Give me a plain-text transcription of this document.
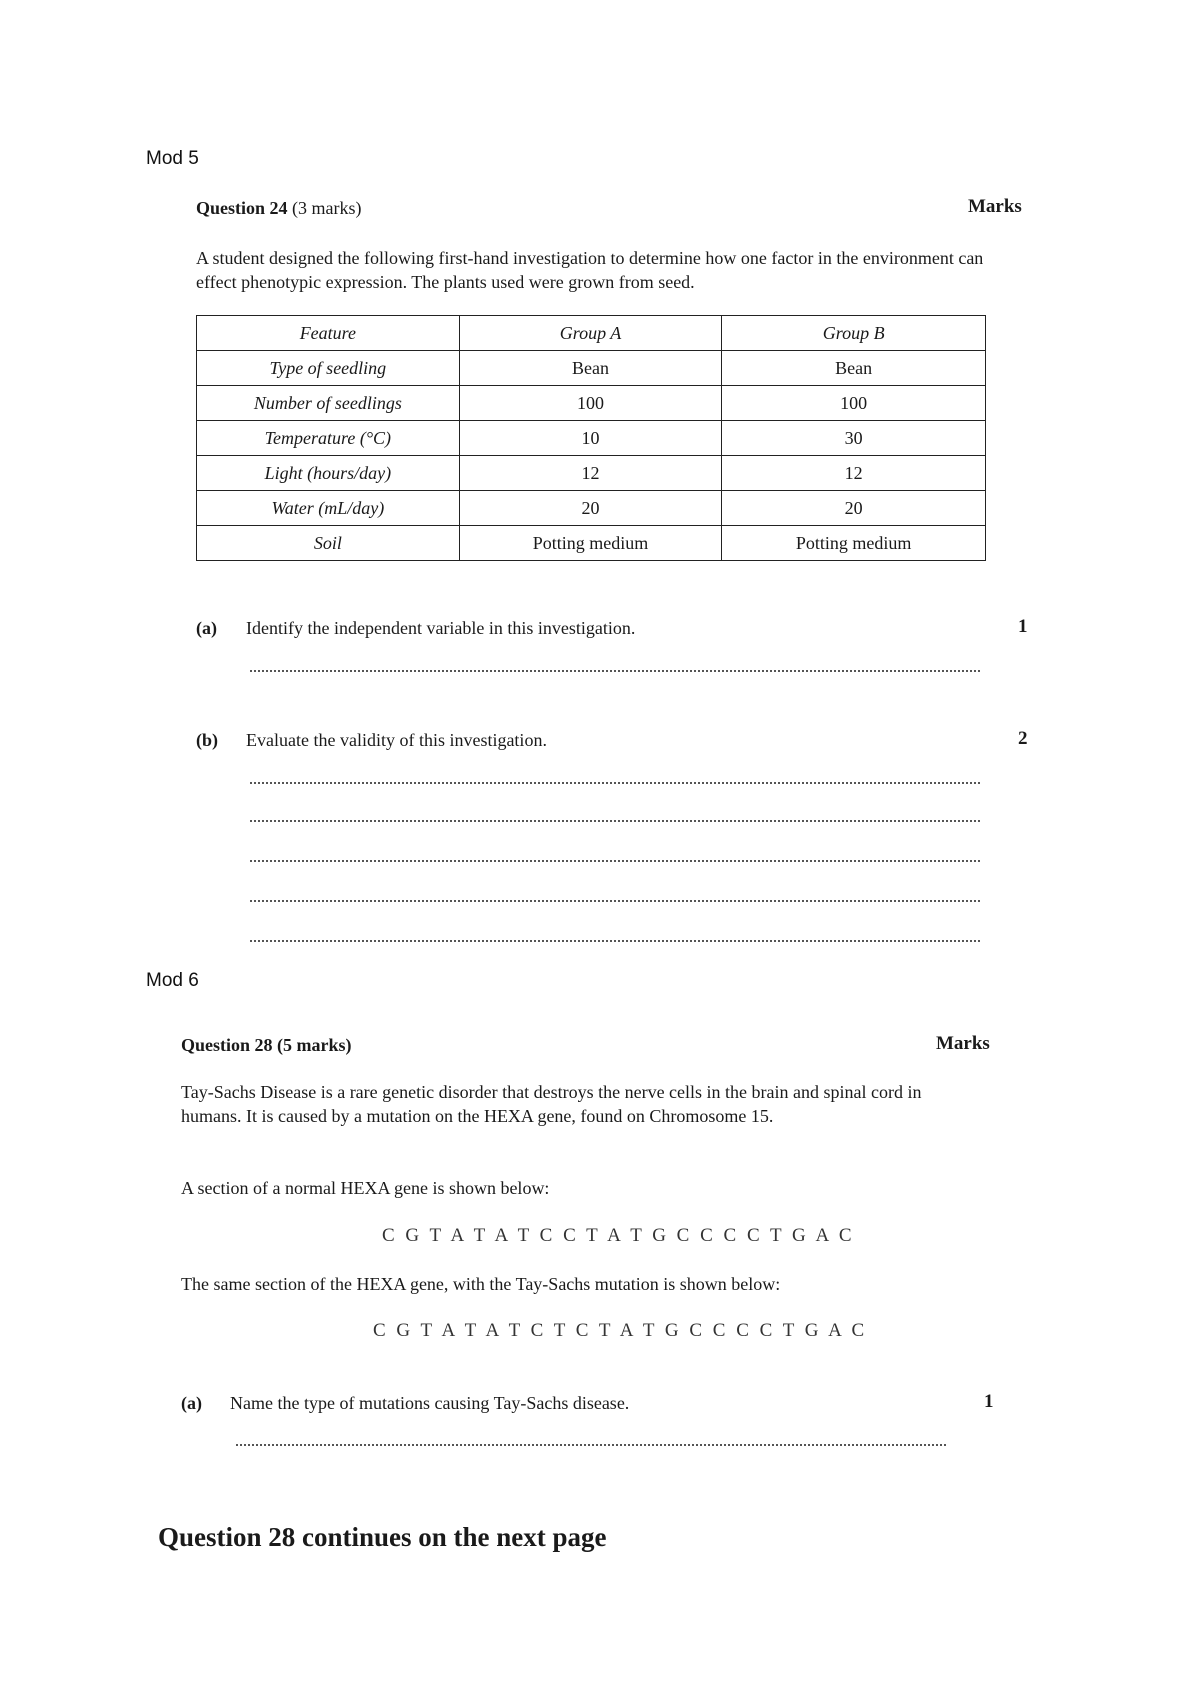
Mod 5
Question 24 (3 marks)	Marks
A student designed the following first-hand investigation to determine how one factor in the environment can effect phenotypic expression. The plants used were grown from seed.
Feature	Group A	Group B
Type of seedling	Bean	Bean
Number of seedlings	100	100
Temperature (°C)	10	30
Light (hours/day)	12	12
Water (mL/day)	20	20
Soil	Potting medium	Potting medium
(a) Identify the independent variable in this investigation.	1
(b) Evaluate the validity of this investigation.	2
Mod 6
Question 28 (5 marks)	Marks
Tay-Sachs Disease is a rare genetic disorder that destroys the nerve cells in the brain and spinal cord in humans. It is caused by a mutation on the HEXA gene, found on Chromosome 15.
A section of a normal HEXA gene is shown below:
C G T A T A T C C T A T G C C C C T G A C
The same section of the HEXA gene, with the Tay-Sachs mutation is shown below:
C G T A T A T C T C T A T G C C C C T G A C
(a) Name the type of mutations causing Tay-Sachs disease.	1
Question 28 continues on the next page
